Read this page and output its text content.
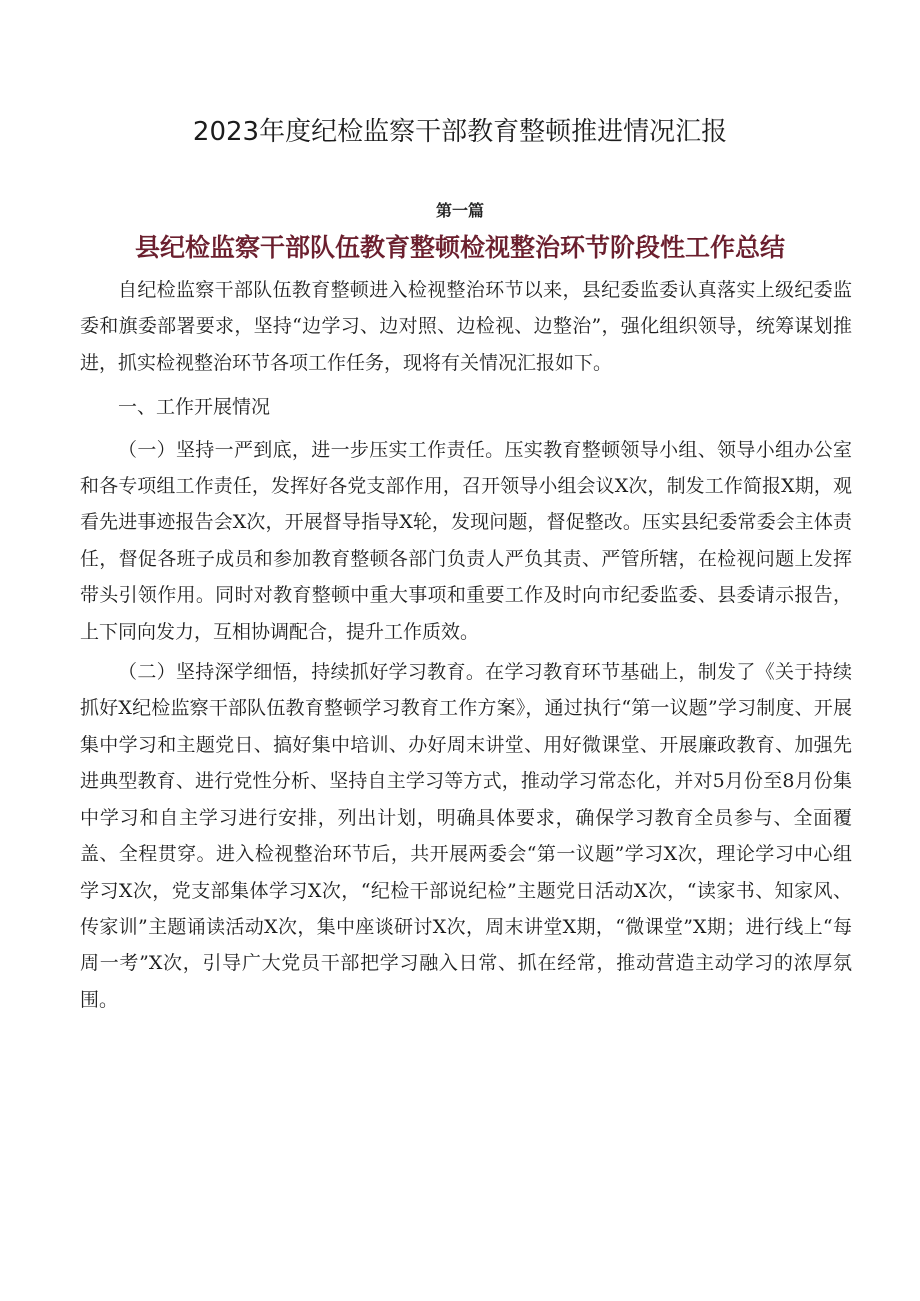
2023年度纪检监察干部教育整顿推进情况汇报
第一篇
县纪检监察干部队伍教育整顿检视整治环节阶段性工作总结

自纪检监察干部队伍教育整顿进入检视整治环节以来，县纪委监委认真落实上级纪委监委和旗委部署要求，坚持“边学习、边对照、边检视、边整治”，强化组织领导，统筹谋划推进，抓实检视整治环节各项工作任务，现将有关情况汇报如下。

一、工作开展情况

（一）坚持一严到底，进一步压实工作责任。压实教育整顿领导小组、领导小组办公室和各专项组工作责任，发挥好各党支部作用，召开领导小组会议X次，制发工作简报X期，观看先进事迹报告会X次，开展督导指导X轮，发现问题，督促整改。压实县纪委常委会主体责任，督促各班子成员和参加教育整顿各部门负责人严负其责、严管所辖，在检视问题上发挥带头引领作用。同时对教育整顿中重大事项和重要工作及时向市纪委监委、县委请示报告，上下同向发力，互相协调配合，提升工作质效。

（二）坚持深学细悟，持续抓好学习教育。在学习教育环节基础上，制发了《关于持续抓好X纪检监察干部队伍教育整顿学习教育工作方案》，通过执行“第一议题”学习制度、开展集中学习和主题党日、搞好集中培训、办好周末讲堂、用好微课堂、开展廉政教育、加强先进典型教育、进行党性分析、坚持自主学习等方式，推动学习常态化，并对5月份至8月份集中学习和自主学习进行安排，列出计划，明确具体要求，确保学习教育全员参与、全面覆盖、全程贯穿。进入检视整治环节后，共开展两委会“第一议题”学习X次，理论学习中心组学习X次，党支部集体学习X次，“纪检干部说纪检”主题党日活动X次，“读家书、知家风、传家训”主题诵读活动X次，集中座谈研讨X次，周末讲堂X期，“微课堂”X期；进行线上“每周一考”X次，引导广大党员干部把学习融入日常、抓在经常，推动营造主动学习的浓厚氛围。
